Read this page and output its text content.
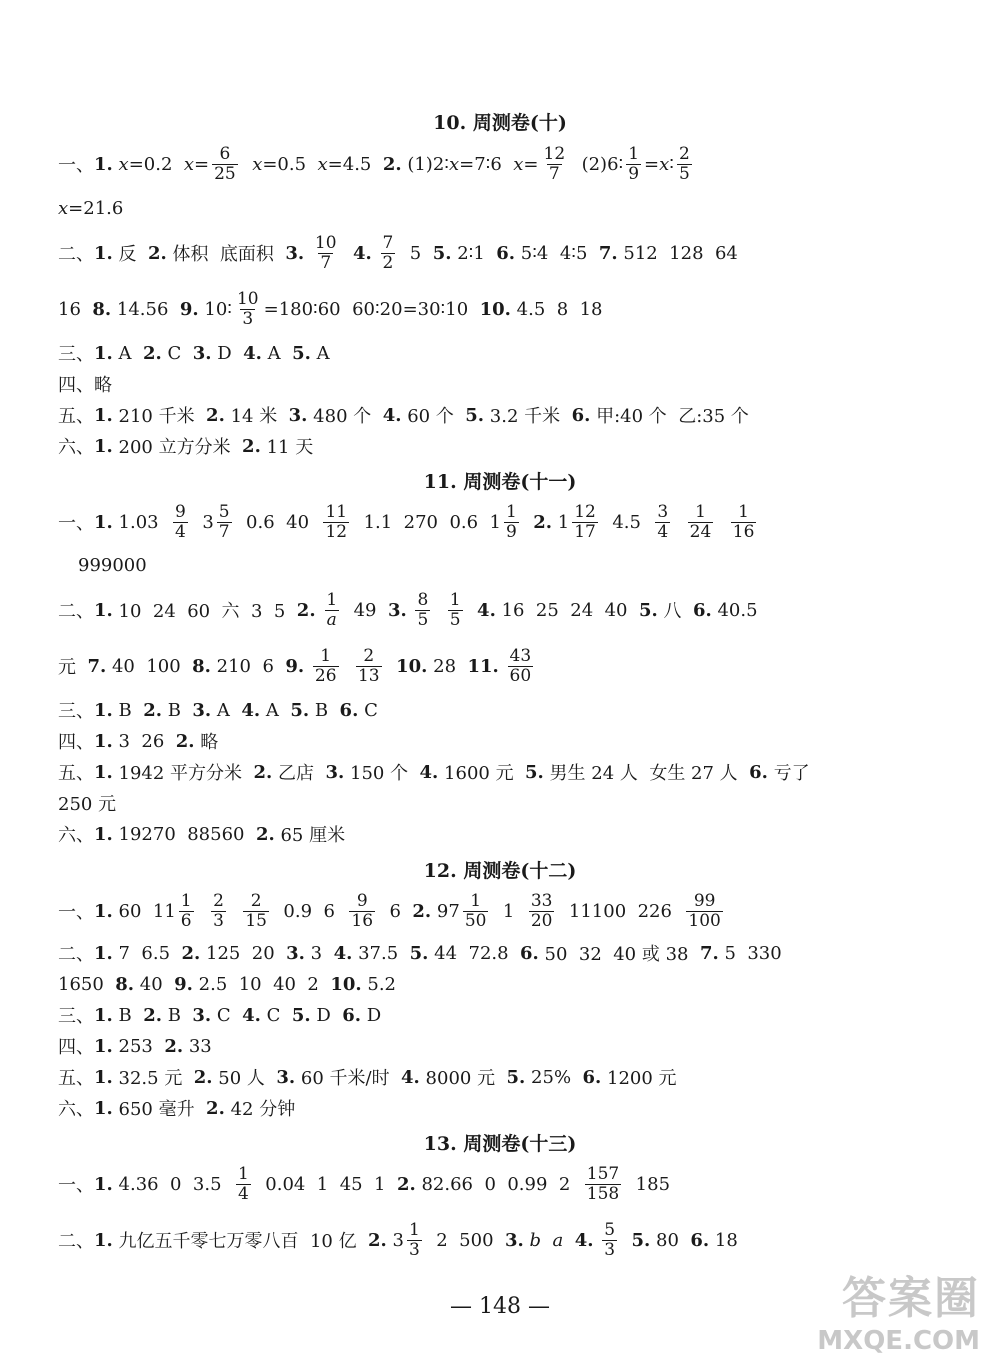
10. 周测卷(十)
11. 周测卷(十一)
12. 周测卷(十二)
13. 周测卷(十三)
一、 1.
x =0.2 $x = \frac{6}{25}$
x =0.5 x =4.5 2. (1)2∶ x =7∶6 $x = \frac{12}{7}$ (2)6∶ $\frac{1}{9} = x$ ∶ $\frac{2}{5}$
x =21.6
二、 1. 反 2. 体积  底面积 3.
$\frac{10}{7}$
4.
$\frac{7}{2} 5$ 5. 2∶1 6. 5∶4  4∶5 7. 512  128  64
16 8. 14.56 9. 10∶ $\frac{10}{3}$ =180∶60  60∶20=30∶10 10. 4.5  8  18
三、 1. A 2. C 3. D 4. A 5. A
四、略
五、 1. 210 千米 2. 14 米 3. 480 个 4. 60 个 5. 3.2 千米 6. 甲:40 个  乙:35 个
六、 1. 200 立方分米 2. 11 天
一、 1. $1.03 \frac{9}{4} 3 \frac{5}{7} 0.6$  $40 \frac{11}{12} 1.1$  270  0.6  $1 \frac{1}{9}$
2. $1 \frac{12}{17} 4.5 \frac{3}{4}$
$\frac{1}{24}$
$\frac{1}{16}$
999000
二、 1. 10  24  60  六  3  5 2.
$\frac{1}{a} 49$ 3.
$\frac{8}{5}$
$\frac{1}{5}$
4. 16  25  24  40 5. 八 6. 40.5
元 7. 40  100 8. 210  6 9.
$\frac{1}{26}$
$\frac{2}{13}$
10. 28 11.
$\frac{43}{60}$
三、 1. B 2. B 3. A 4. A 5. B 6. C
四、 1. 3  26 2. 略
五、 1. 1942 平方分米 2. 乙店 3. 150 个 4. 1600 元 5. 男生 24 人  女生 27 人 6. 亏了
250 元
六、 1. 19270  88560 2. 65 厘米
一、 1. 60  $11 \frac{1}{6}$
$\frac{2}{3}$
$\frac{2}{15} 0.9$  $6 \frac{9}{16} 6$ 2. $97 \frac{1}{50} 1 \frac{33}{20} 11100$  $226 \frac{99}{100}$
二、 1. 7  6.5 2. 125  20 3. 3 4. 37.5 5. 44  72.8 6. 50  32  40 或 38 7. 5  330
1650 8. 40 9. 2.5  10  40  2 10. 5.2
三、 1. B 2. B 3. C 4. C 5. D 6. D
四、 1. 253 2. 33
五、 1. 32.5 元 2. 50 人 3. 60 千米/时 4. 8000 元 5. 25% 6. 1200 元
六、 1. 650 毫升 2. 42 分钟
一、 1. 4.36  0  $3.5 \frac{1}{4} 0.04$  1  45  1 2. 82.66  0  0.99  $2 \frac{157}{158} 185$
二、 1. 九亿五千零七万零八百  10 亿 2. $3 \frac{1}{3} 2$  500 3.
b
a
4.
$\frac{5}{3}$
5. 80 6. 18
— 148 —	答案圈
MXQE.COM
